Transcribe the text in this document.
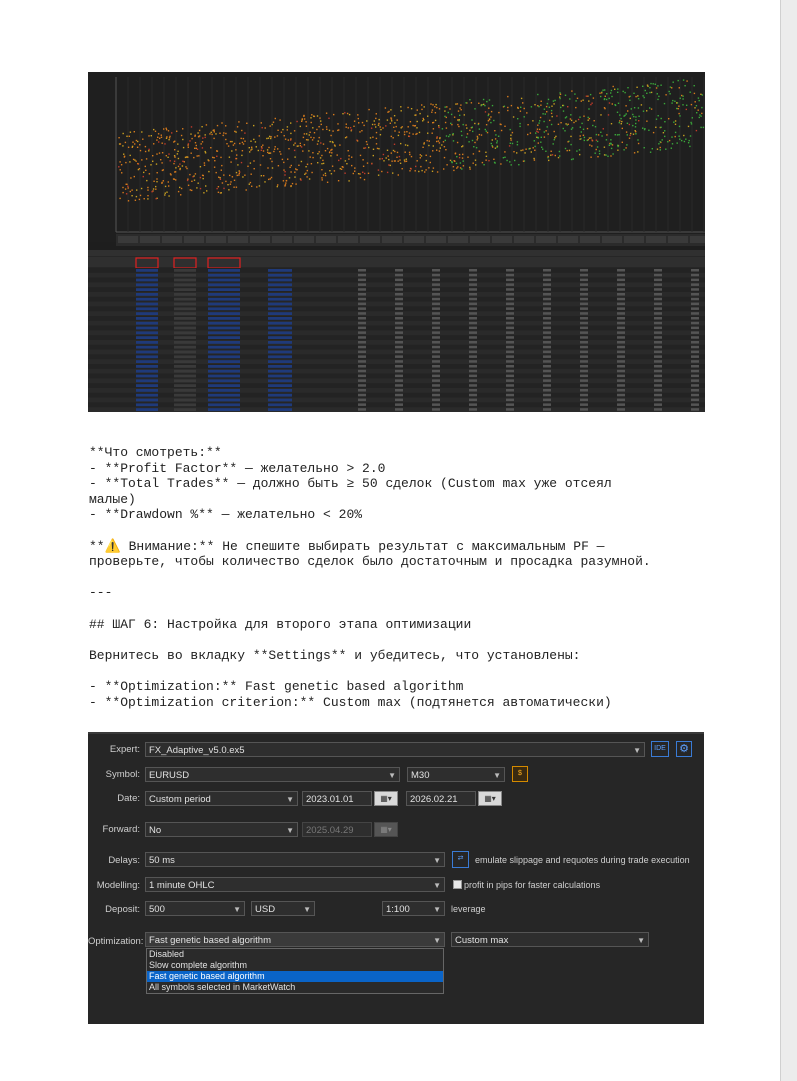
**Что смотреть:**

- **Profit Factor** — желательно > 2.0

- **Total Trades** — должно быть ≥ 50 сделок (Custom max уже отсеял

малые)

- **Drawdown %** — желательно < 20%

**⚠️ Внимание:** Не спешите выбирать результат с максимальным PF —

проверьте, чтобы количество сделок было достаточным и просадка разумной.

---

## ШАГ 6: Настройка для второго этапа оптимизации

Вернитесь во вкладку **Settings** и убедитесь, что установлены:

- **Optimization:** Fast genetic based algorithm

- **Optimization criterion:** Custom max (подтянется автоматически)

Expert: FX_Adaptive_v5.0.ex5	▼	IDE ⚙
Symbol: EURUSD	▼	M30	▼	$
Date: Custom period	▼	2023.01.01	▦▾	2026.02.21	▦▾
Forward: No	▼	2025.04.29	▦▾
Delays: 50 ms	▼	⇄	emulate slippage and requotes during trade execution
Modelling: 1 minute OHLC	▼	profit in pips for faster calculations
Deposit: 500	▼	USD	▼	1:100	▼ leverage
Optimization: Fast genetic based algorithm	▼	Custom max	▼
Disabled
Slow complete algorithm
Fast genetic based algorithm
All symbols selected in MarketWatch
